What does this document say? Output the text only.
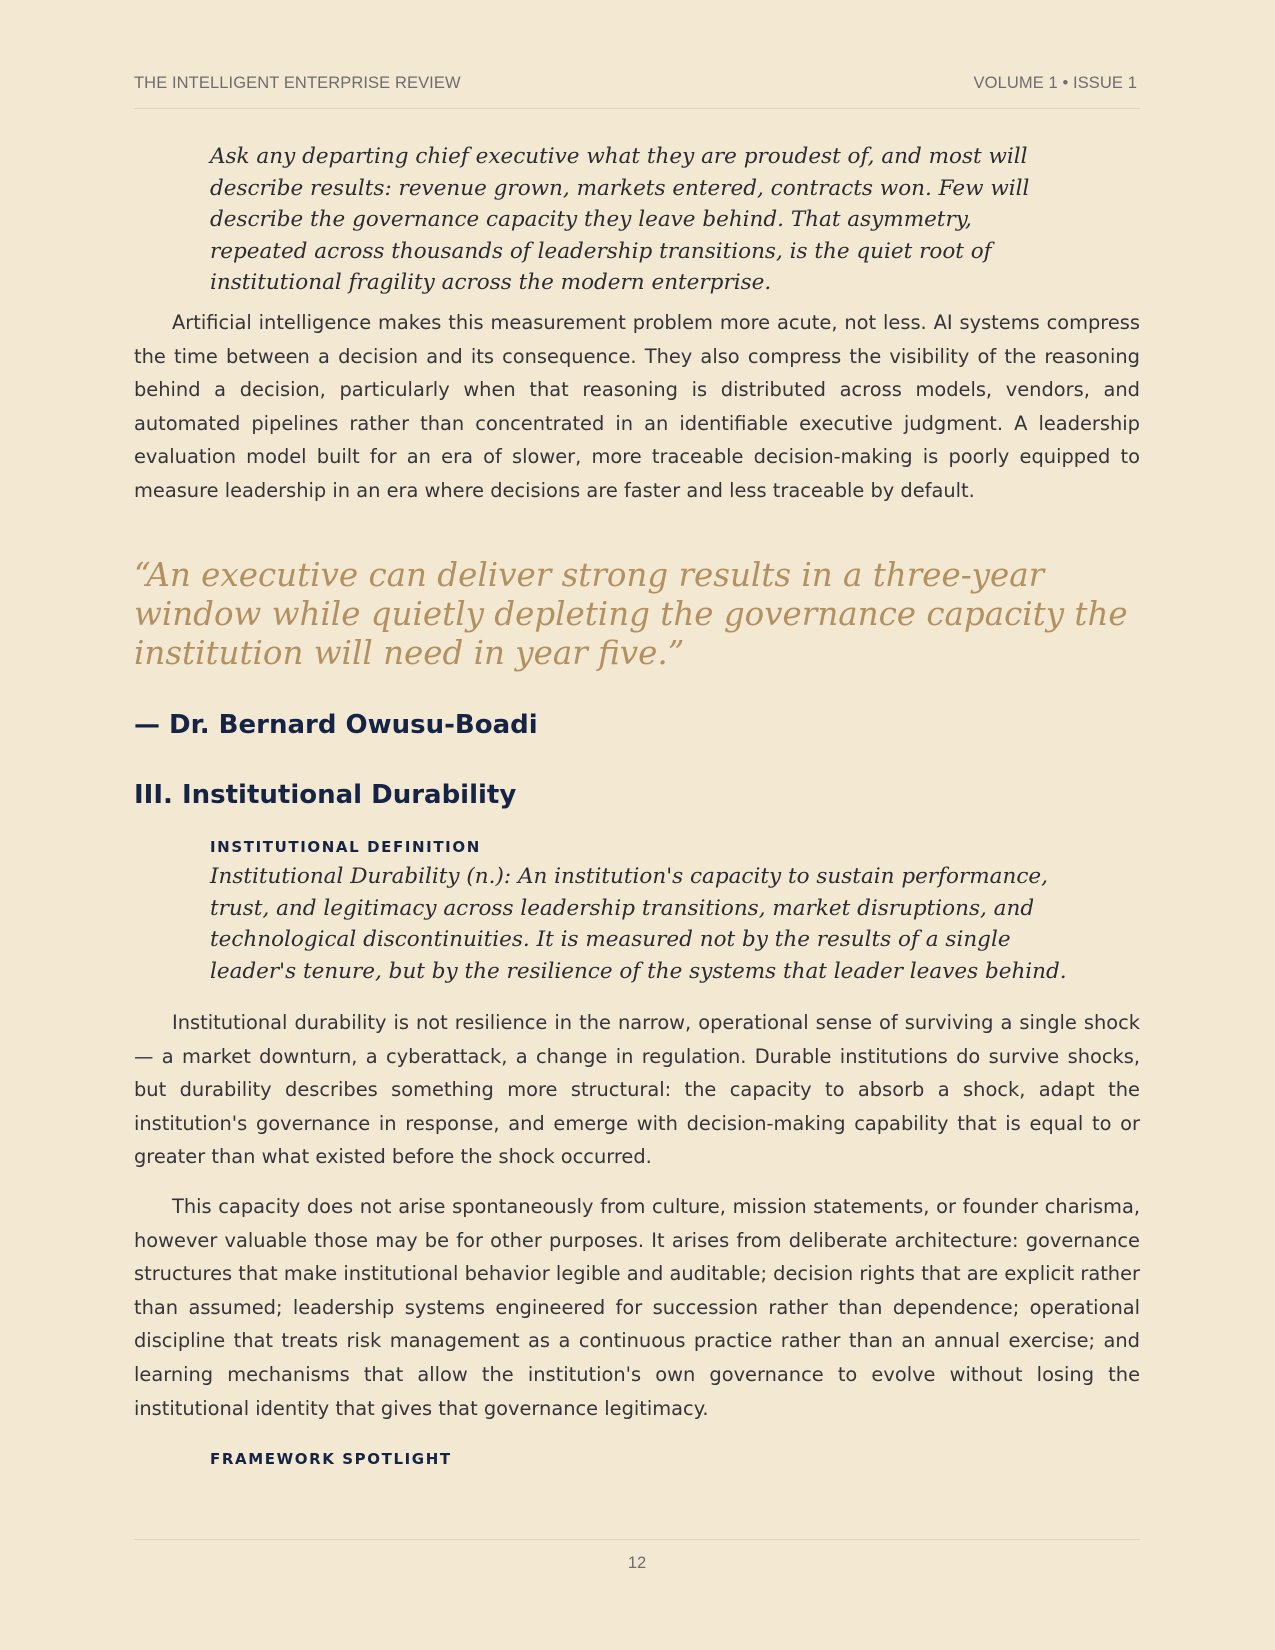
THE INTELLIGENT ENTERPRISE REVIEW	VOLUME 1 • ISSUE 1
Ask any departing chief executive what they are proudest of, and most will describe results: revenue grown, markets entered, contracts won. Few will describe the governance capacity they leave behind. That asymmetry, repeated across thousands of leadership transitions, is the quiet root of institutional fragility across the modern enterprise.

Artificial intelligence makes this measurement problem more acute, not less. AI systems compress the time between a decision and its consequence. They also compress the visibility of the reasoning behind a decision, particularly when that reasoning is distributed across models, vendors, and automated pipelines rather than concentrated in an identifiable executive judgment. A leadership evaluation model built for an era of slower, more traceable decision-making is poorly equipped to measure leadership in an era where decisions are faster and less traceable by default.

“An executive can deliver strong results in a three-year window while quietly depleting the governance capacity the institution will need in year five.”
— Dr. Bernard Owusu-Boadi
III. Institutional Durability
INSTITUTIONAL DEFINITION
Institutional Durability (n.): An institution's capacity to sustain performance, trust, and legitimacy across leadership transitions, market disruptions, and technological discontinuities. It is measured not by the results of a single leader's tenure, but by the resilience of the systems that leader leaves behind.

Institutional durability is not resilience in the narrow, operational sense of surviving a single shock — a market downturn, a cyberattack, a change in regulation. Durable institutions do survive shocks, but durability describes something more structural: the capacity to absorb a shock, adapt the institution's governance in response, and emerge with decision-making capability that is equal to or greater than what existed before the shock occurred.

This capacity does not arise spontaneously from culture, mission statements, or founder charisma, however valuable those may be for other purposes. It arises from deliberate architecture: governance structures that make institutional behavior legible and auditable; decision rights that are explicit rather than assumed; leadership systems engineered for succession rather than dependence; operational discipline that treats risk management as a continuous practice rather than an annual exercise; and learning mechanisms that allow the institution's own governance to evolve without losing the institutional identity that gives that governance legitimacy.

FRAMEWORK SPOTLIGHT
12
